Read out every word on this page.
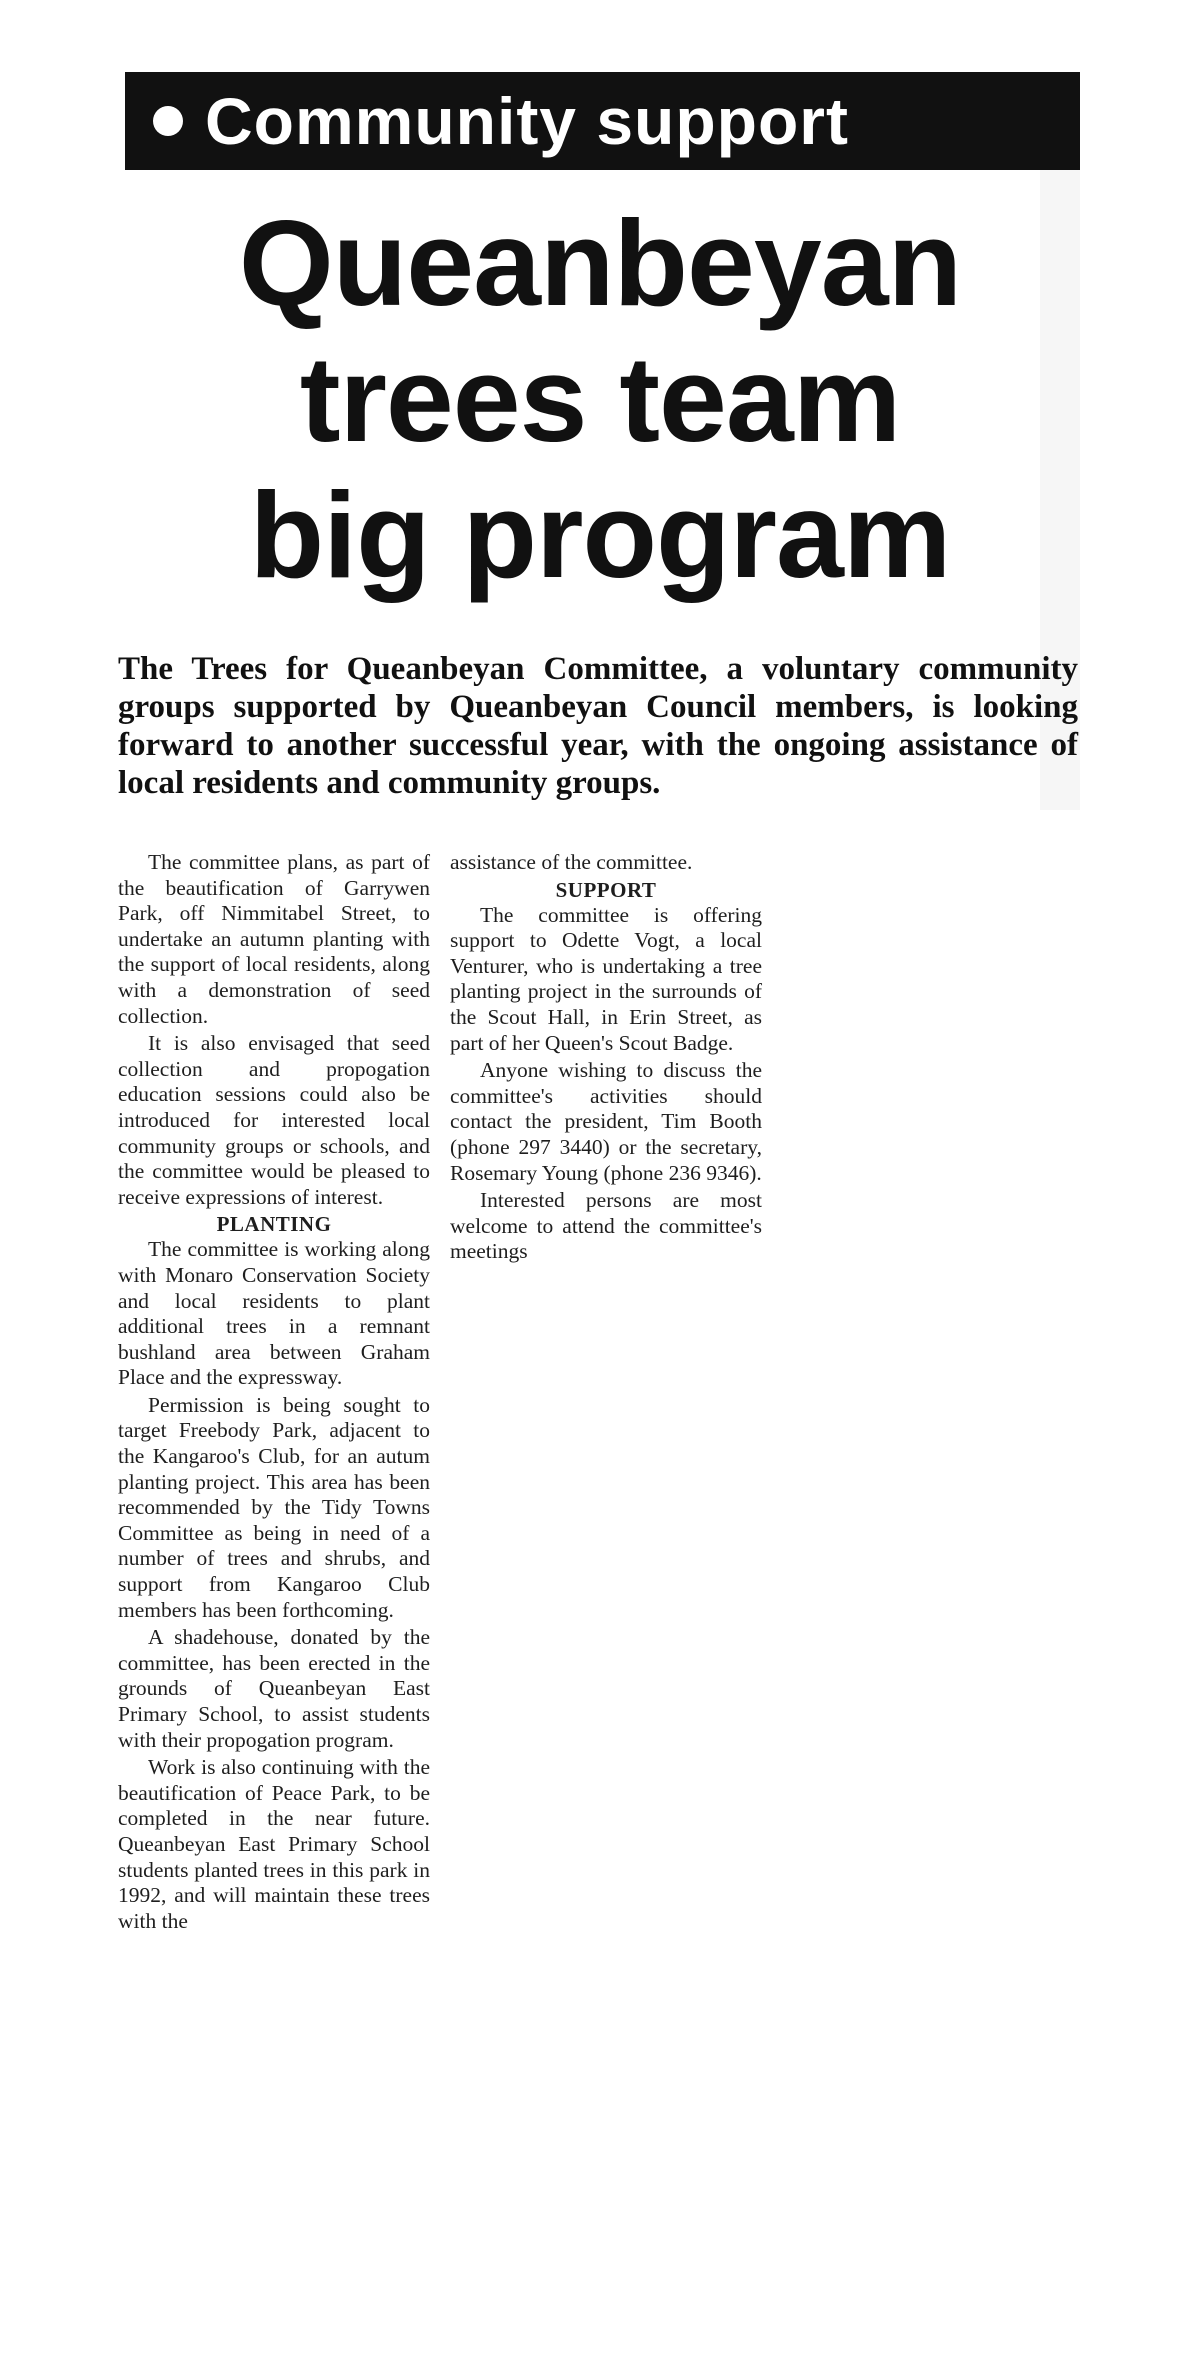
Community support
Queanbeyan
trees team
big program
The Trees for Queanbeyan Committee, a voluntary community groups supported by Queanbeyan Council members, is looking forward to another successful year, with the ongoing assistance of local residents and community groups.

The committee plans, as part of the beautification of Garrywen Park, off Nimmitabel Street, to undertake an autumn planting with the support of local residents, along with a demonstration of seed collection.

It is also envisaged that seed collection and propogation education sessions could also be introduced for interested local community groups or schools, and the committee would be pleased to receive expressions of interest.

PLANTING

The committee is working along with Monaro Conservation Society and local residents to plant additional trees in a remnant bushland area between Graham Place and the expressway.

Permission is being sought to target Freebody Park, adjacent to the Kangaroo's Club, for an autum planting project. This area has been recommended by the Tidy Towns Committee as being in need of a number of trees and shrubs, and support from Kangaroo Club members has been forthcoming.

A shadehouse, donated by the committee, has been erected in the grounds of Queanbeyan East Primary School, to assist students with their propogation program.

Work is also continuing with the beautification of Peace Park, to be completed in the near future. Queanbeyan East Primary School students planted trees in this park in 1992, and will maintain these trees with the

assistance of the committee.

SUPPORT

The committee is offering support to Odette Vogt, a local Venturer, who is undertaking a tree planting project in the surrounds of the Scout Hall, in Erin Street, as part of her Queen's Scout Badge.

Anyone wishing to discuss the committee's activities should contact the president, Tim Booth (phone 297 3440) or the secretary, Rosemary Young (phone 236 9346).

Interested persons are most welcome to attend the committee's meetings
